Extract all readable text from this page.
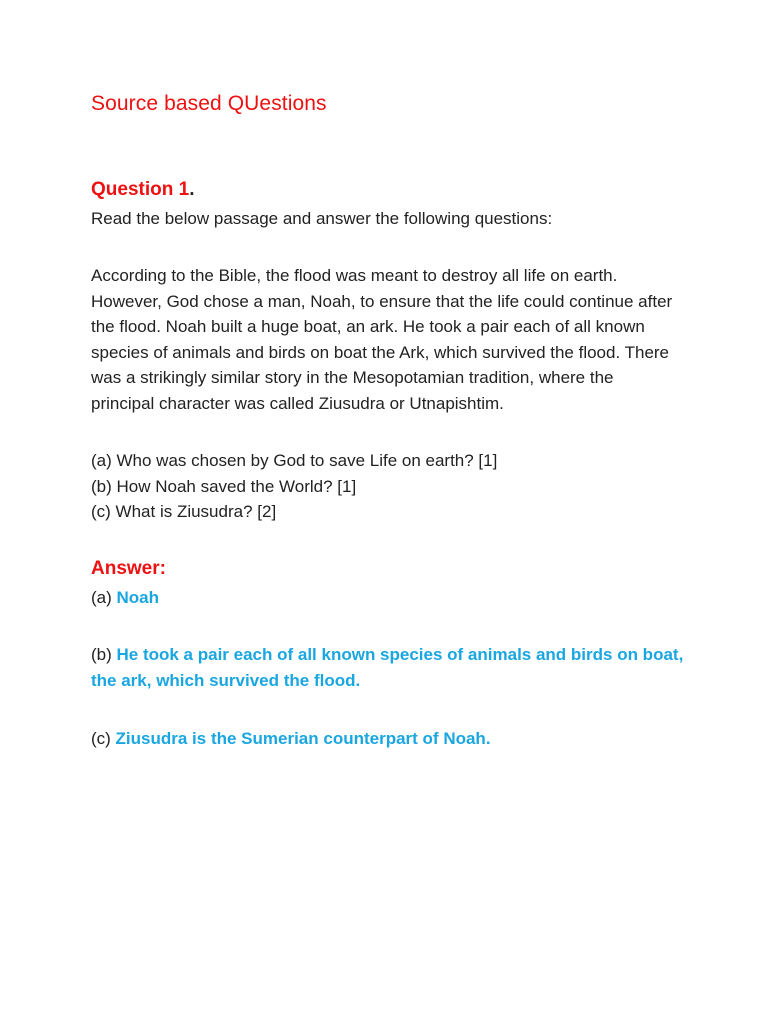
Source based QUestions
Question 1.

Read the below passage and answer the following questions:

According to the Bible, the flood was meant to destroy all life on earth. However, God chose a man, Noah, to ensure that the life could continue after the flood. Noah built a huge boat, an ark. He took a pair each of all known species of animals and birds on boat the Ark, which survived the flood. There was a strikingly similar story in the Mesopotamian tradition, where the principal character was called Ziusudra or Utnapishtim.

(a) Who was chosen by God to save Life on earth? [1]
(b) How Noah saved the World? [1]
(c) What is Ziusudra? [2]
Answer:

(a) Noah

(b) He took a pair each of all known species of animals and birds on boat, the ark, which survived the flood.

(c) Ziusudra is the Sumerian counterpart of Noah.
